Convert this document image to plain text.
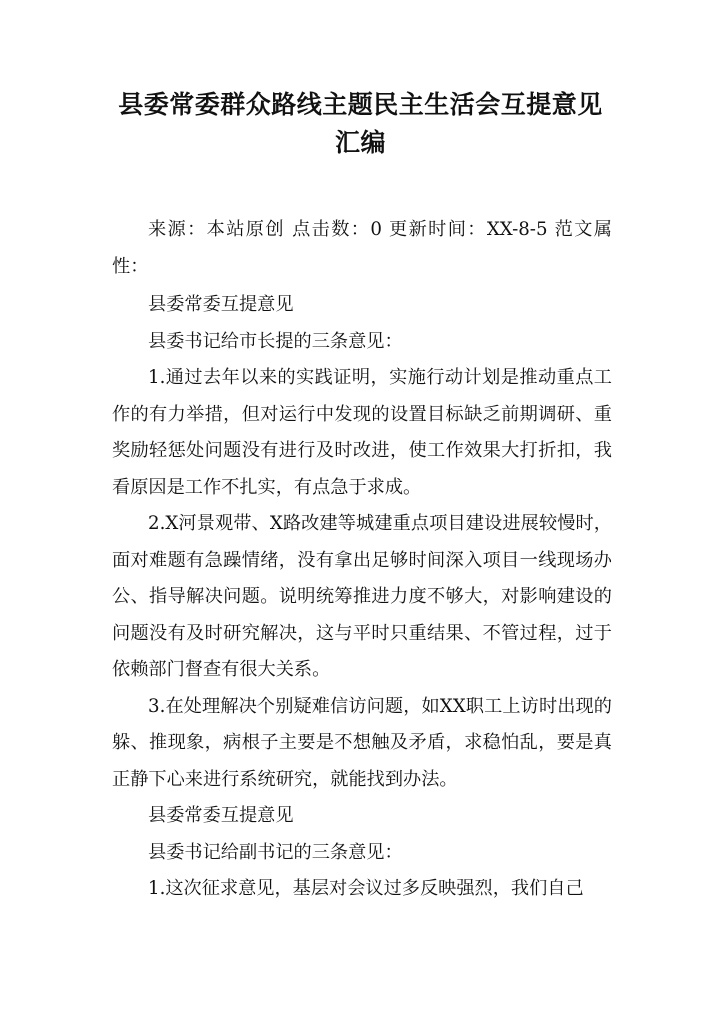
县委常委群众路线主题民主生活会互提意见汇编

来源：本站原创 点击数：0 更新时间：XX-8-5 范文属性：

县委常委互提意见

县委书记给市长提的三条意见：

1.通过去年以来的实践证明，实施行动计划是推动重点工作的有力举措，但对运行中发现的设置目标缺乏前期调研、重奖励轻惩处问题没有进行及时改进，使工作效果大打折扣，我看原因是工作不扎实，有点急于求成。

2.X河景观带、X路改建等城建重点项目建设进展较慢时，面对难题有急躁情绪，没有拿出足够时间深入项目一线现场办公、指导解决问题。说明统筹推进力度不够大，对影响建设的问题没有及时研究解决，这与平时只重结果、不管过程，过于依赖部门督查有很大关系。

3.在处理解决个别疑难信访问题，如XX职工上访时出现的躲、推现象，病根子主要是不想触及矛盾，求稳怕乱，要是真正静下心来进行系统研究，就能找到办法。

县委常委互提意见

县委书记给副书记的三条意见：

1.这次征求意见，基层对会议过多反映强烈，我们自己
